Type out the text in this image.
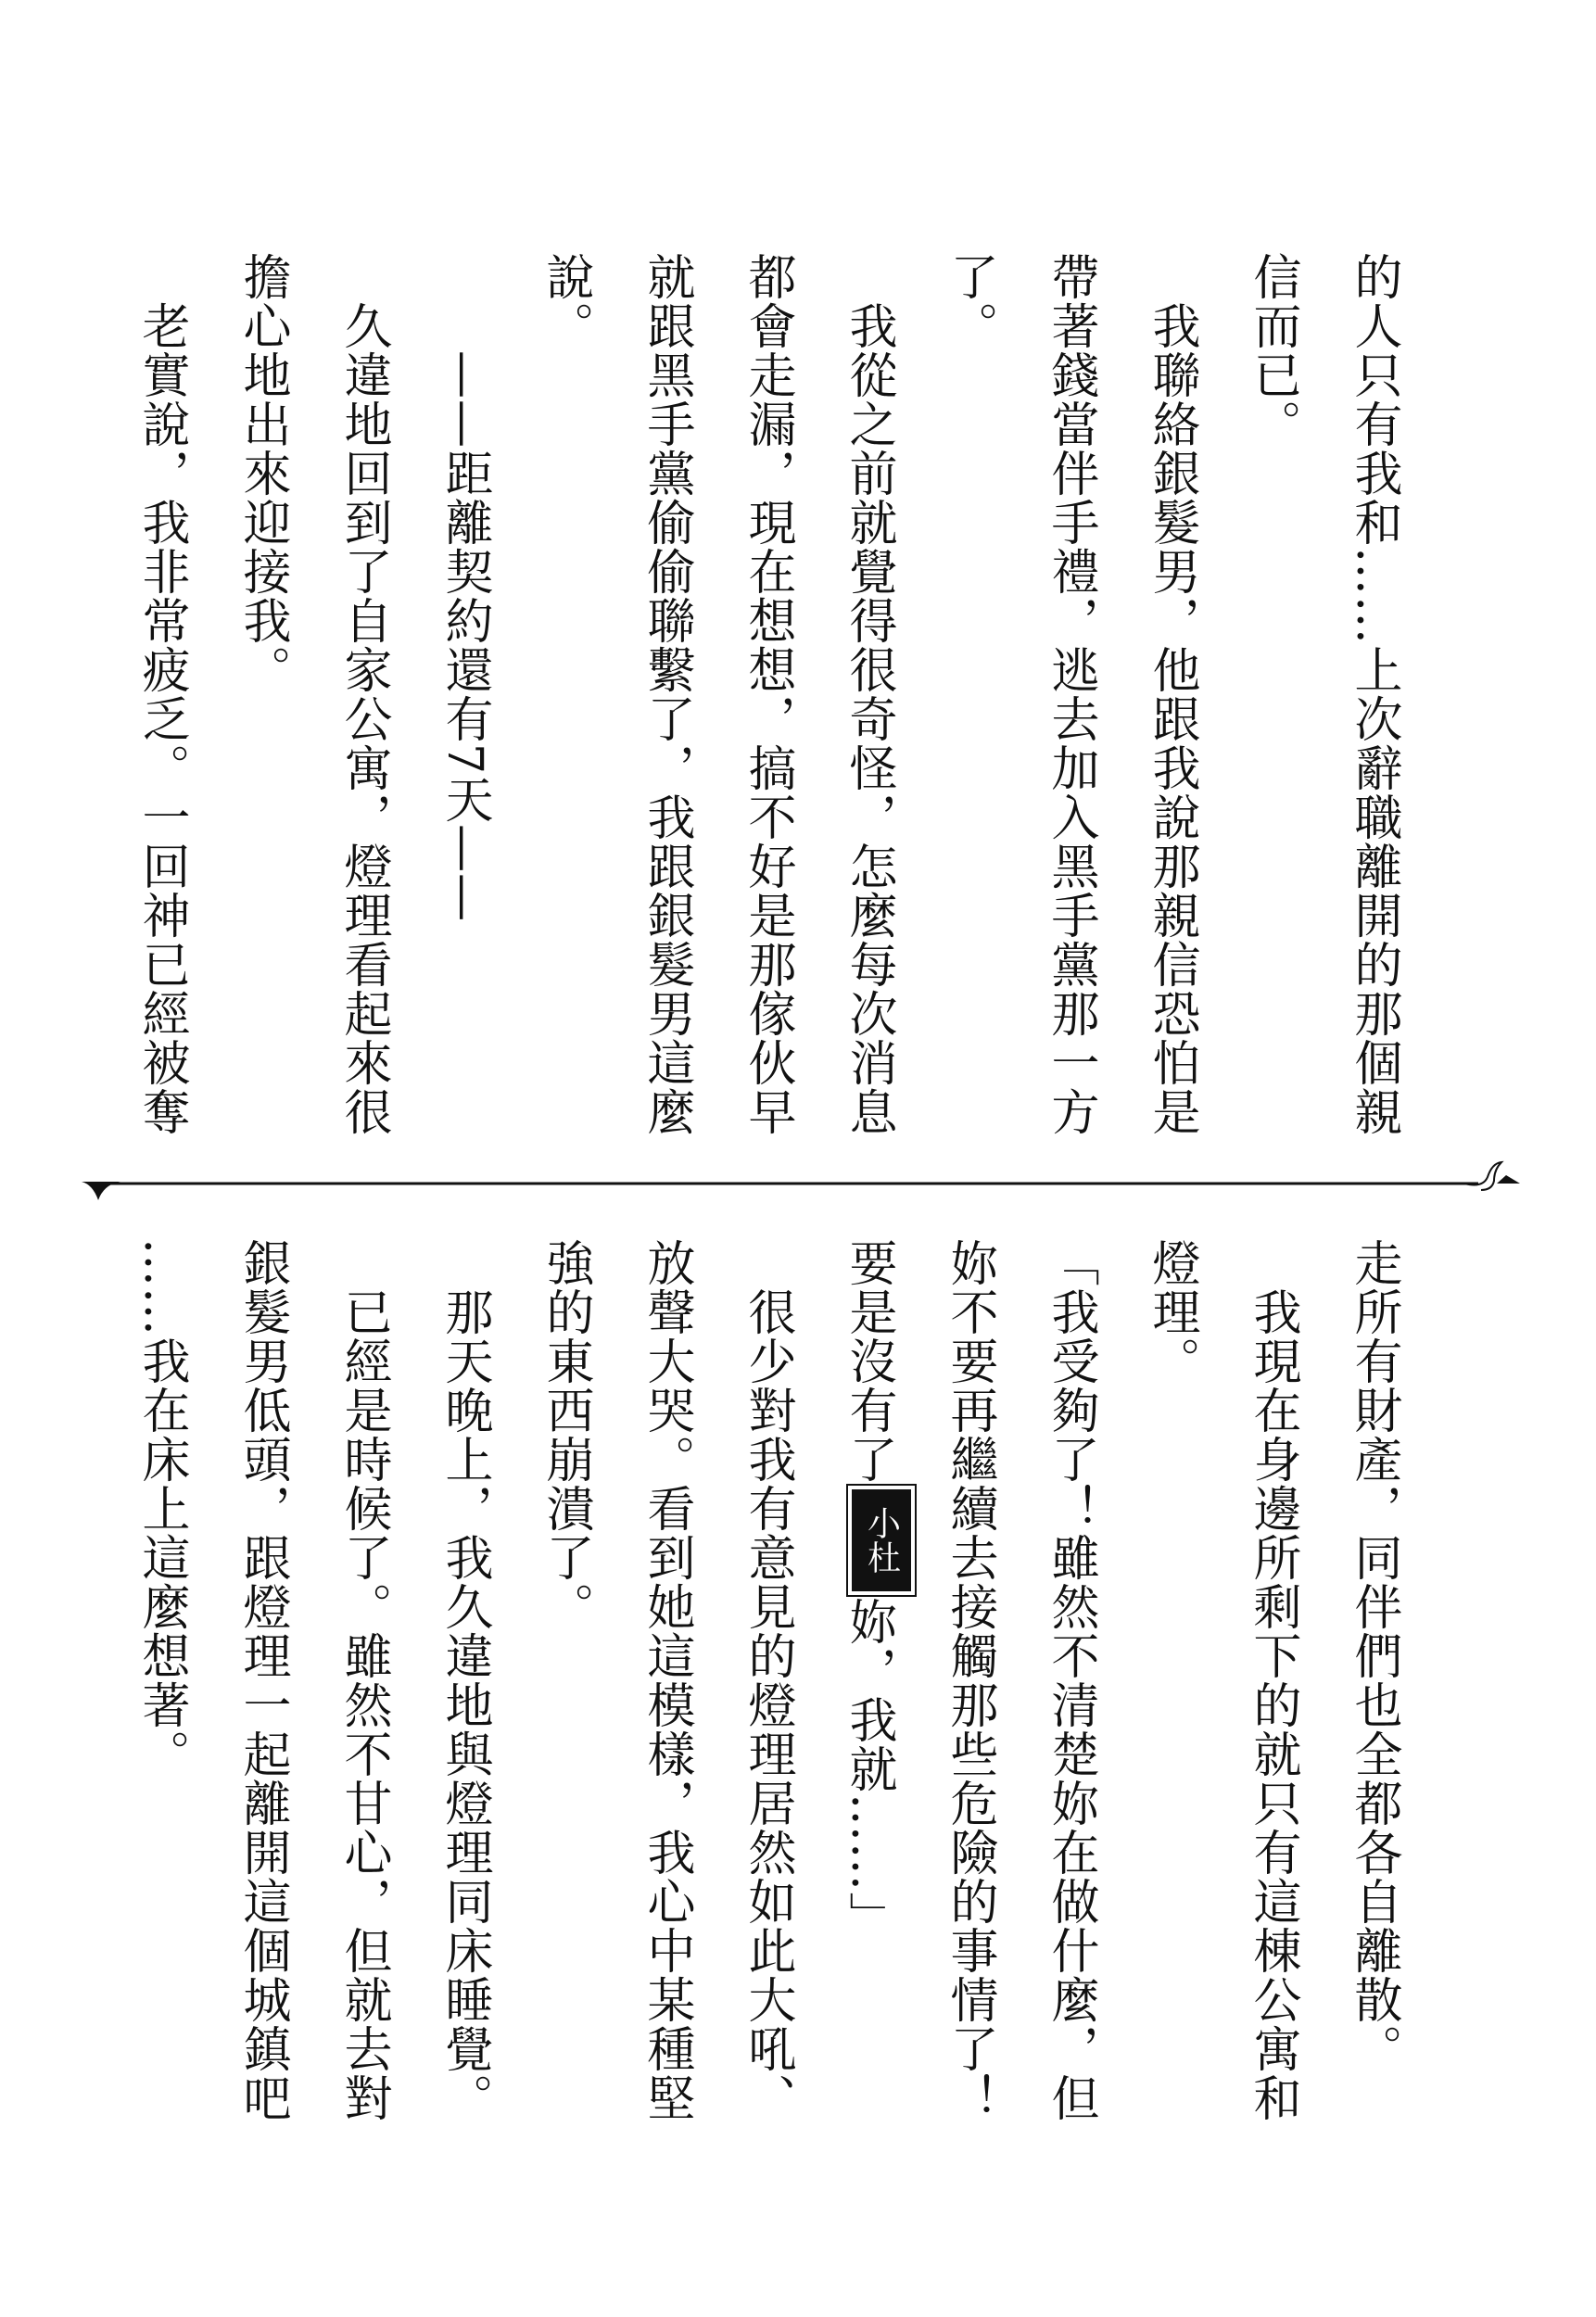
的人只有我和……上次辭職離開的那個親
信而已。
　我聯絡銀髮男，他跟我說那親信恐怕是
帶著錢當伴手禮，逃去加入黑手黨那一方
了。
　我從之前就覺得很奇怪，怎麼每次消息
都會走漏，現在想想，搞不好是那傢伙早
就跟黑手黨偷偷聯繫了，我跟銀髮男這麼
說。
　　——距離契約還有7天——
　久違地回到了自家公寓，燈理看起來很
擔心地出來迎接我。
　老實說，我非常疲乏。一回神已經被奪
走所有財產，同伴們也全都各自離散。
　我現在身邊所剩下的就只有這棟公寓和
燈理。
「我受夠了！雖然不清楚妳在做什麼，但
妳不要再繼續去接觸那些危險的事情了！
要是沒有了小杜妳，我就……」
　很少對我有意見的燈理居然如此大吼、
放聲大哭。看到她這模樣，我心中某種堅
強的東西崩潰了。
　那天晚上，我久違地與燈理同床睡覺。
　已經是時候了。雖然不甘心，但就去對
銀髮男低頭，跟燈理一起離開這個城鎮吧
……我在床上這麼想著。
